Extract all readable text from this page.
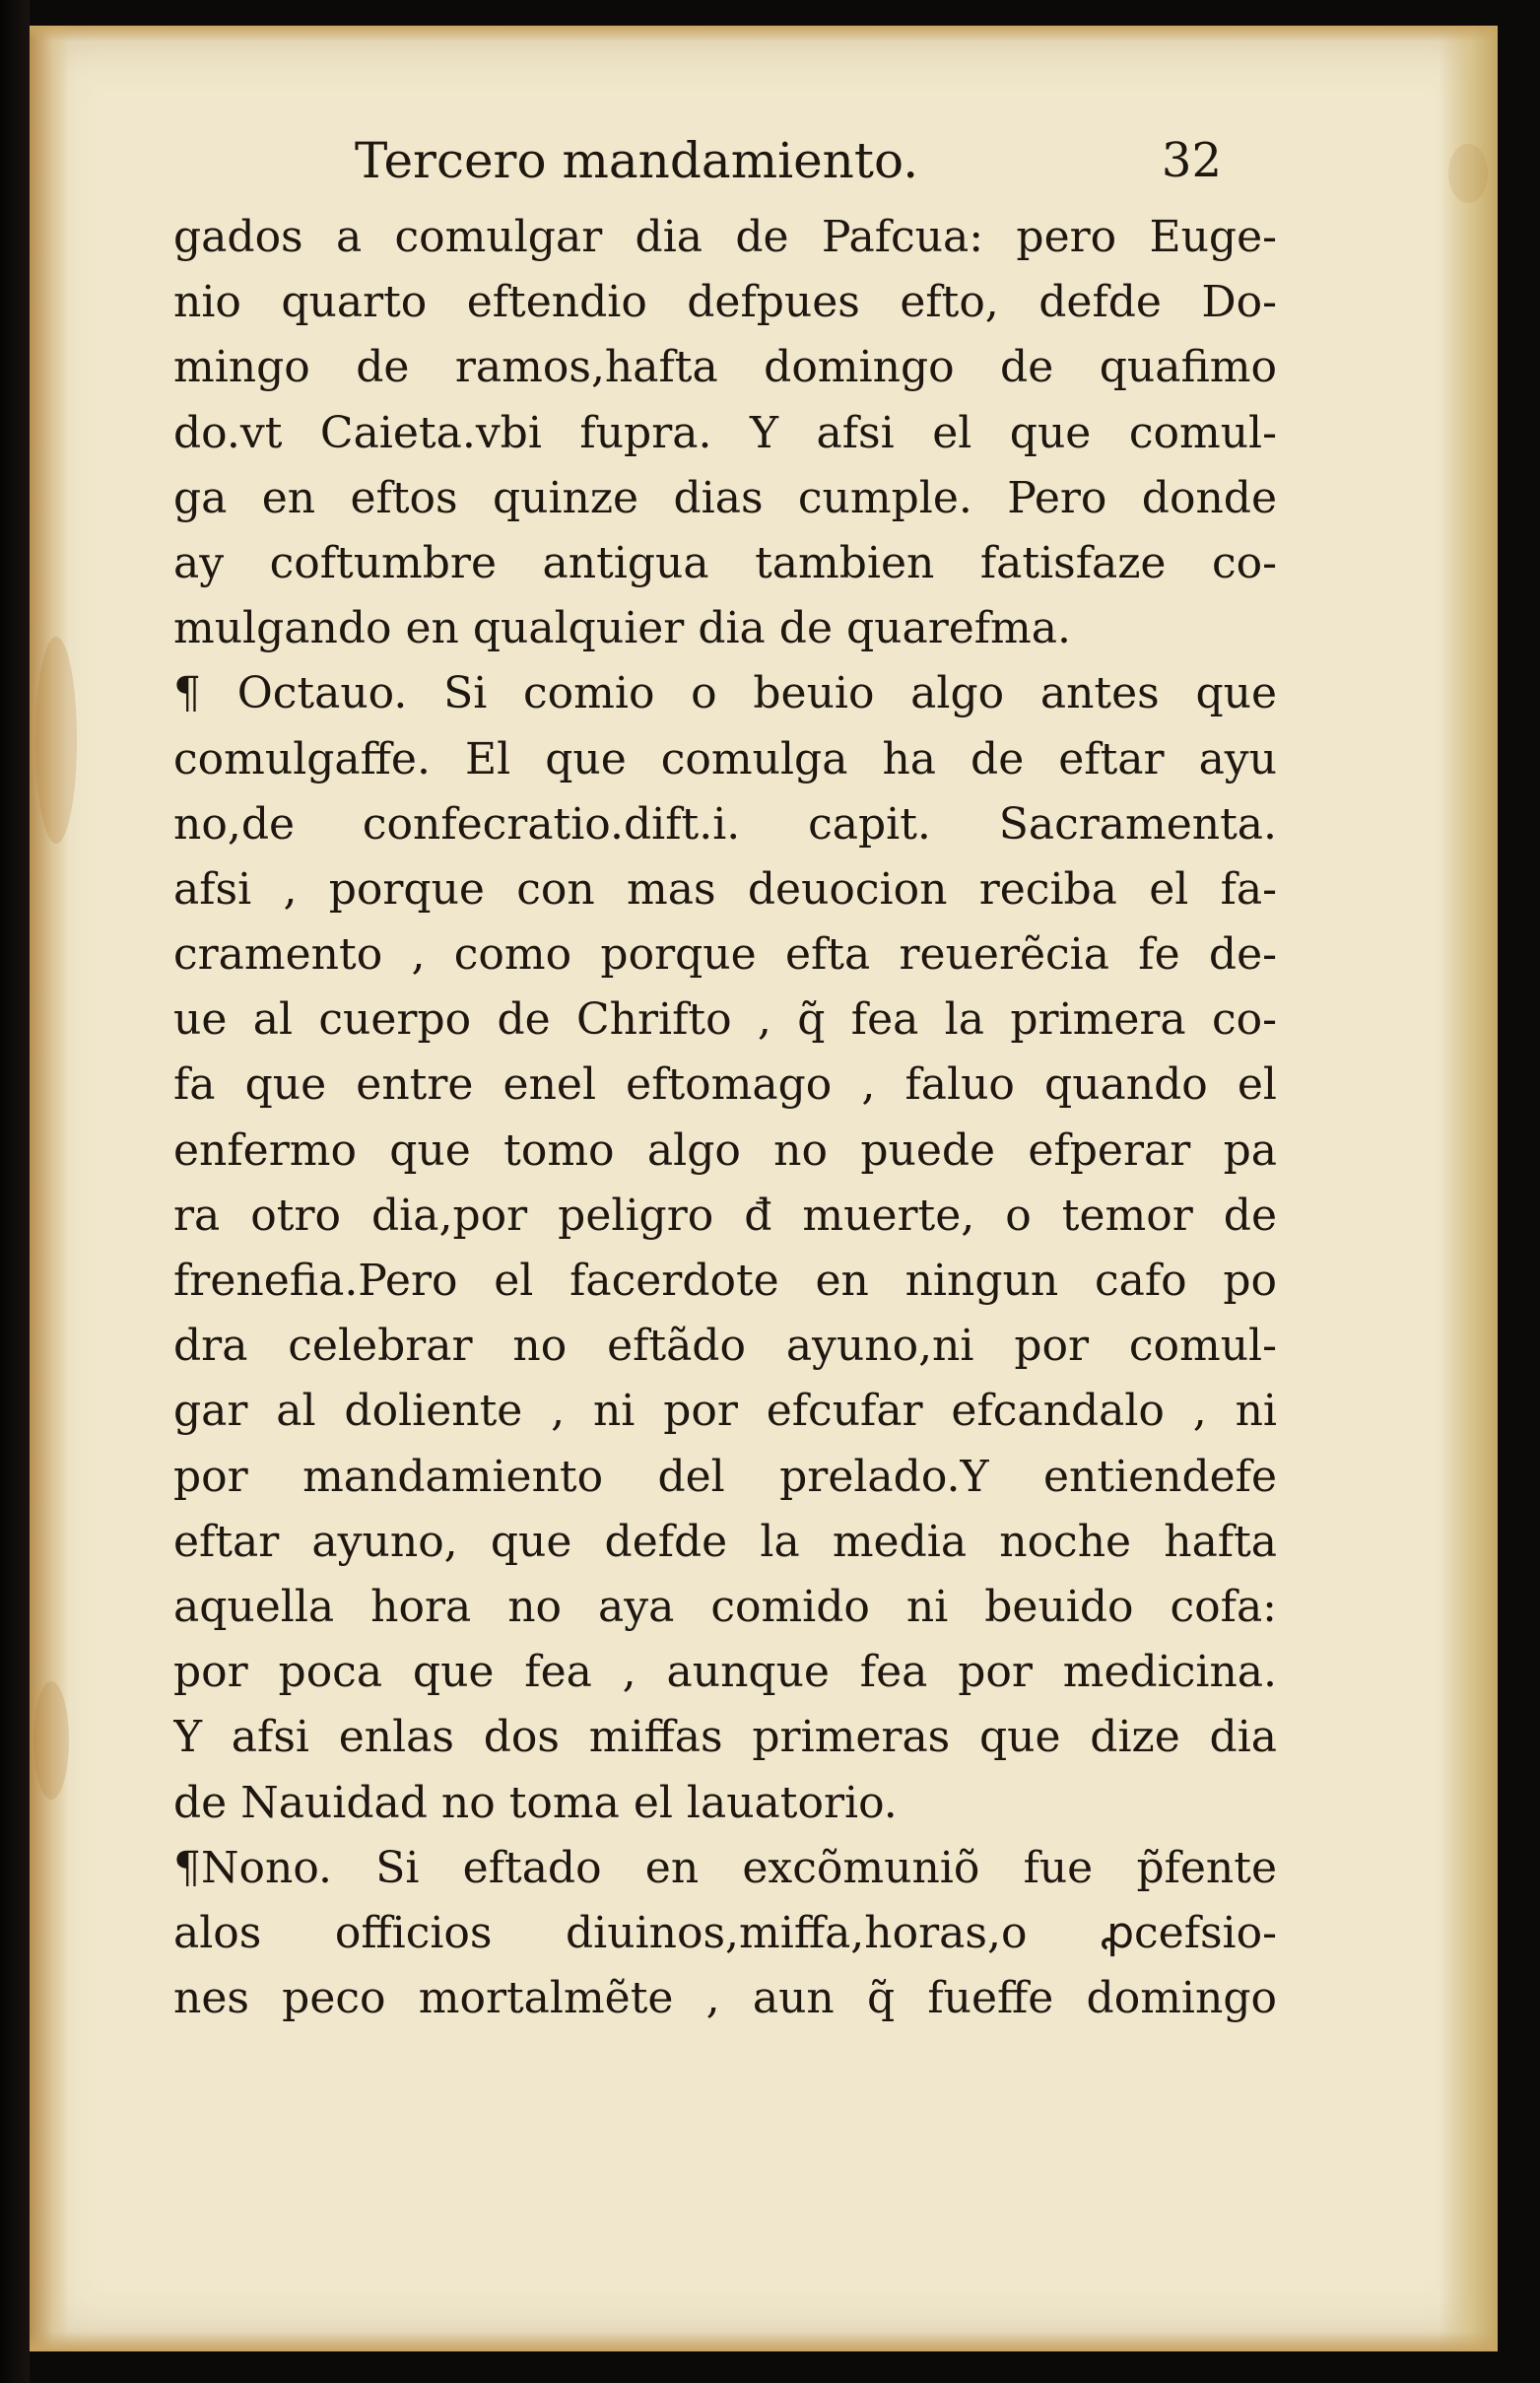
Tercero mandamiento.	32
gados a comulgar dia de Pafcua: pero Euge-
nio quarto eftendio defpues efto, defde Do-
mingo de ramos,hafta domingo de quafimo
do.vt Caieta.vbi fupra. Y afsi el que comul-
ga en eftos quinze dias cumple. Pero donde
ay coftumbre antigua tambien fatisfaze co-
mulgando en qualquier dia de quarefma.
¶ Octauo. Si comio o beuio algo antes que
comulgaffe. El que comulga ha de eftar ayu
no,de confecratio.dift.i. capit. Sacramenta.
afsi , porque con mas deuocion reciba el fa-
cramento , como porque efta reuerẽcia fe de-
ue al cuerpo de Chrifto , q̃ fea la primera co-
fa que entre enel eftomago , faluo quando el
enfermo que tomo algo no puede efperar pa
ra otro dia,por peligro đ muerte, o temor de
frenefia.Pero el facerdote en ningun cafo po
dra celebrar no eftãdo ayuno,ni por comul-
gar al doliente , ni por efcufar efcandalo , ni
por mandamiento del prelado.Y entiendefe
eftar ayuno, que defde la media noche hafta
aquella hora no aya comido ni beuido cofa:
por poca que fea , aunque fea por medicina.
Y afsi enlas dos miffas primeras que dize dia
de Nauidad no toma el lauatorio.
¶Nono. Si eftado en excõmuniõ fue p̃fente
alos officios diuinos,miffa,horas,o ꝓcefsio-
nes peco mortalmẽte , aun q̃ fueffe domingo
